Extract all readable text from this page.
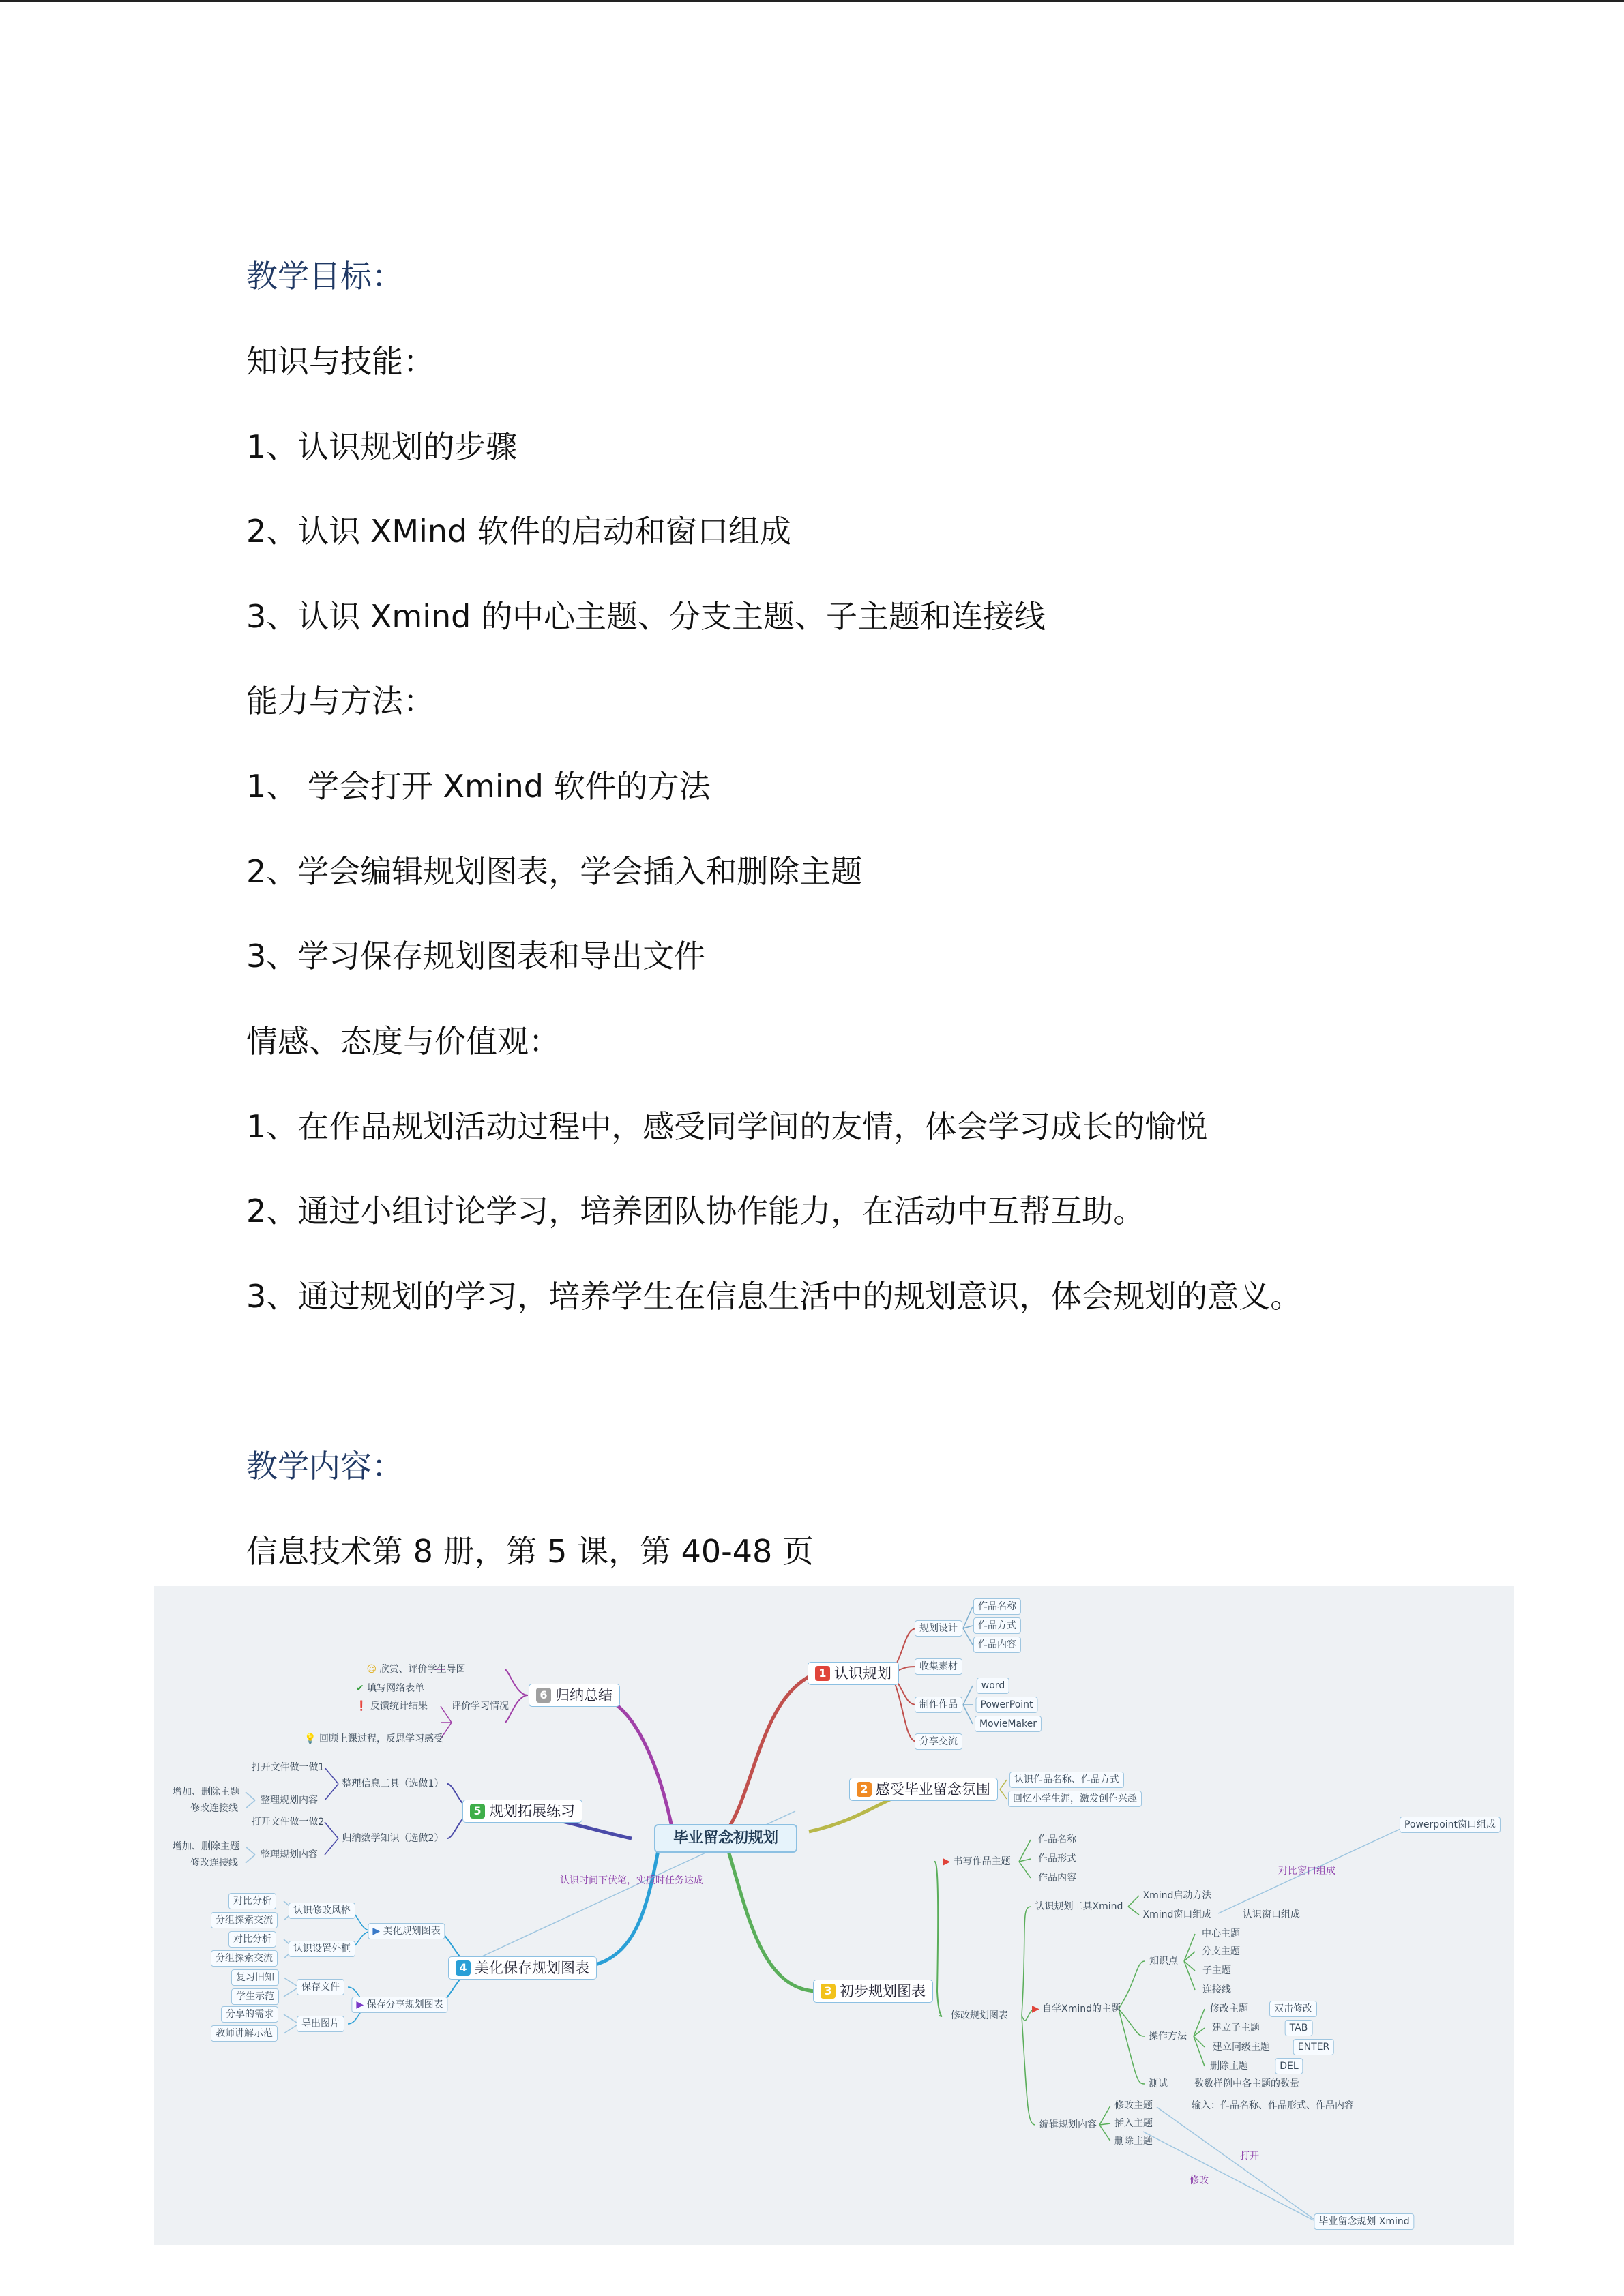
教学目标：
知识与技能：
1、认识规划的步骤
2、认识 XMind 软件的启动和窗口组成
3、认识 Xmind 的中心主题、分支主题、子主题和连接线
能力与方法：
1、 学会打开 Xmind 软件的方法
2、学会编辑规划图表，学会插入和删除主题
3、学习保存规划图表和导出文件
情感、态度与价值观：
1、在作品规划活动过程中，感受同学间的友情，体会学习成长的愉悦
2、通过小组讨论学习，培养团队协作能力，在活动中互帮互助。
3、通过规划的学习，培养学生在信息生活中的规划意识，体会规划的意义。
教学内容：
信息技术第 8 册，第 5 课，第 40-48 页
毕业留念初规划
1 认识规划
规划设计
收集素材
制作作品
分享交流
作品名称
作品方式
作品内容
word
PowerPoint
MovieMaker
2 感受毕业留念氛围
认识作品名称、作品方式
回忆小学生涯，激发创作兴趣
3 初步规划图表
▶ 书写作品主题
修改规划图表
作品名称
作品形式
作品内容
认识规划工具Xmind
▶ 自学Xmind的主题
编辑规划内容
Xmind启动方法
Xmind窗口组成	认识窗口组成
Powerpoint窗口组成
对比窗口组成
知识点
操作方法
测试
中心主题
分支主题
子主题
连接线
修改主题
建立子主题
建立同级主题
删除主题
双击修改
TAB
ENTER
DEL
数数样例中各主题的数量
修改主题
插入主题
删除主题
输入：作品名称、作品形式、作品内容
打开
修改
毕业留念规划 Xmind
4 美化保存规划图表
▶ 美化规划图表
▶ 保存分享规划图表
认识修改风格
认识设置外框
保存文件
导出图片
对比分析
分组探索交流
对比分析
分组探索交流
复习旧知
学生示范
分享的需求
教师讲解示范
认识时间下伏笔，实质时任务达成
5 规划拓展练习
整理信息工具（选做1）
归纳数学知识（选做2）
打开文件做一做1
整理规划内容
打开文件做一做2
整理规划内容
增加、删除主题
修改连接线
增加、删除主题
修改连接线
6 归纳总结
评价学习情况
💡 回顾上课过程，反思学习感受
☺ 欣赏、评价学生导图
✔ 填写网络表单
❗ 反馈统计结果
